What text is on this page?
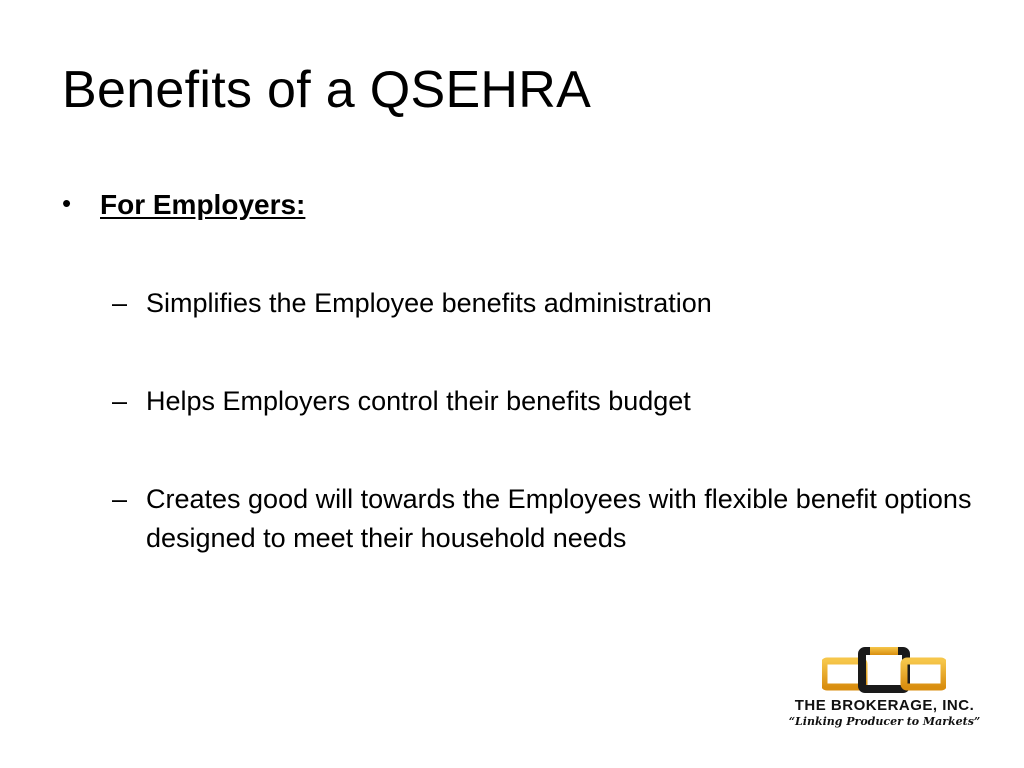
Benefits of a QSEHRA
•	For Employers:
– Simplifies the Employee benefits administration
– Helps Employers control their benefits budget
– Creates good will towards the Employees with flexible benefit options designed to meet their household needs
THE BROKERAGE, INC.
“Linking Producer to Markets”
